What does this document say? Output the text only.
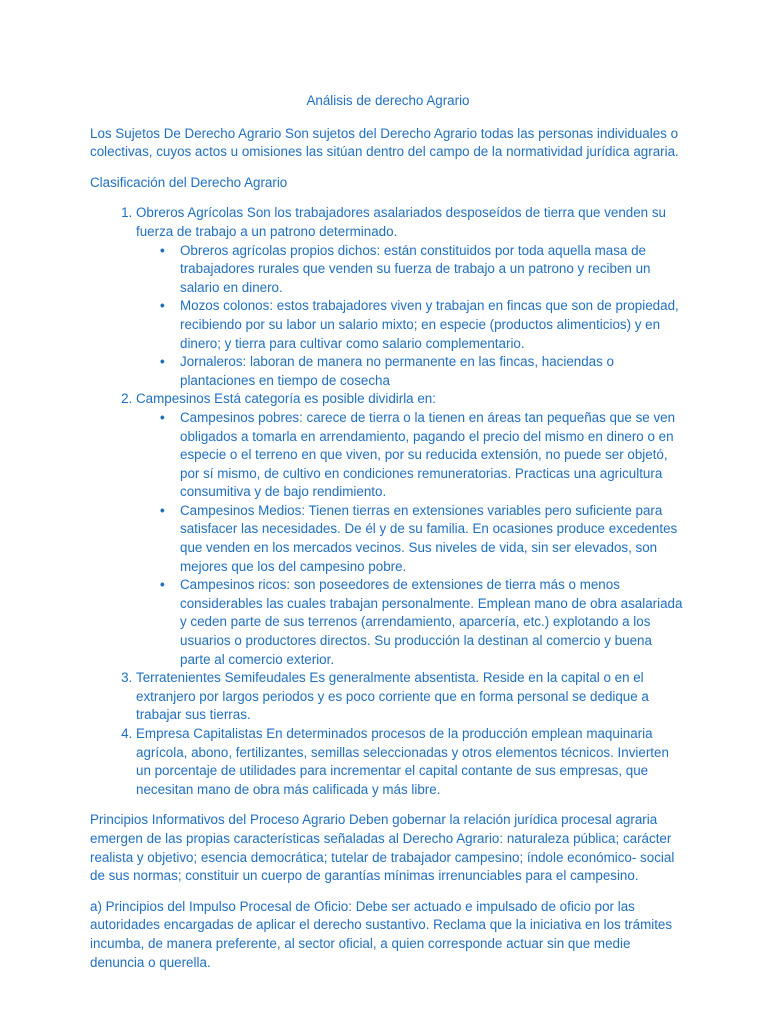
Análisis de derecho Agrario

Los Sujetos De Derecho Agrario Son sujetos del Derecho Agrario todas las personas individuales o colectivas, cuyos actos u omisiones las sitúan dentro del campo de la normatividad jurídica agraria.

Clasificación del Derecho Agrario

1. Obreros Agrícolas Son los trabajadores asalariados desposeídos de tierra que venden su fuerza de trabajo a un patrono determinado.
• Obreros agrícolas propios dichos: están constituidos por toda aquella masa de trabajadores rurales que venden su fuerza de trabajo a un patrono y reciben un salario en dinero.
• Mozos colonos: estos trabajadores viven y trabajan en fincas que son de propiedad, recibiendo por su labor un salario mixto; en especie (productos alimenticios) y en dinero; y tierra para cultivar como salario complementario.
• Jornaleros: laboran de manera no permanente en las fincas, haciendas o plantaciones en tiempo de cosecha
2. Campesinos Está categoría es posible dividirla en:
• Campesinos pobres: carece de tierra o la tienen en áreas tan pequeñas que se ven obligados a tomarla en arrendamiento, pagando el precio del mismo en dinero o en especie o el terreno en que viven, por su reducida extensión, no puede ser objetó, por sí mismo, de cultivo en condiciones remuneratorias. Practicas una agricultura consumitiva y de bajo rendimiento.
• Campesinos Medios: Tienen tierras en extensiones variables pero suficiente para satisfacer las necesidades. De él y de su familia. En ocasiones produce excedentes que venden en los mercados vecinos. Sus niveles de vida, sin ser elevados, son mejores que los del campesino pobre.
• Campesinos ricos: son poseedores de extensiones de tierra más o menos considerables las cuales trabajan personalmente. Emplean mano de obra asalariada y ceden parte de sus terrenos (arrendamiento, aparcería, etc.) explotando a los usuarios o productores directos. Su producción la destinan al comercio y buena parte al comercio exterior.
3. Terratenientes Semifeudales Es generalmente absentista. Reside en la capital o en el extranjero por largos periodos y es poco corriente que en forma personal se dedique a trabajar sus tierras.
4. Empresa Capitalistas En determinados procesos de la producción emplean maquinaria agrícola, abono, fertilizantes, semillas seleccionadas y otros elementos técnicos. Invierten un porcentaje de utilidades para incrementar el capital contante de sus empresas, que necesitan mano de obra más calificada y más libre.

Principios Informativos del Proceso Agrario Deben gobernar la relación jurídica procesal agraria emergen de las propias características señaladas al Derecho Agrario: naturaleza pública; carácter realista y objetivo; esencia democrática; tutelar de trabajador campesino; índole económico- social de sus normas; constituir un cuerpo de garantías mínimas irrenunciables para el campesino.

a) Principios del Impulso Procesal de Oficio: Debe ser actuado e impulsado de oficio por las autoridades encargadas de aplicar el derecho sustantivo. Reclama que la iniciativa en los trámites incumba, de manera preferente, al sector oficial, a quien corresponde actuar sin que medie denuncia o querella.
